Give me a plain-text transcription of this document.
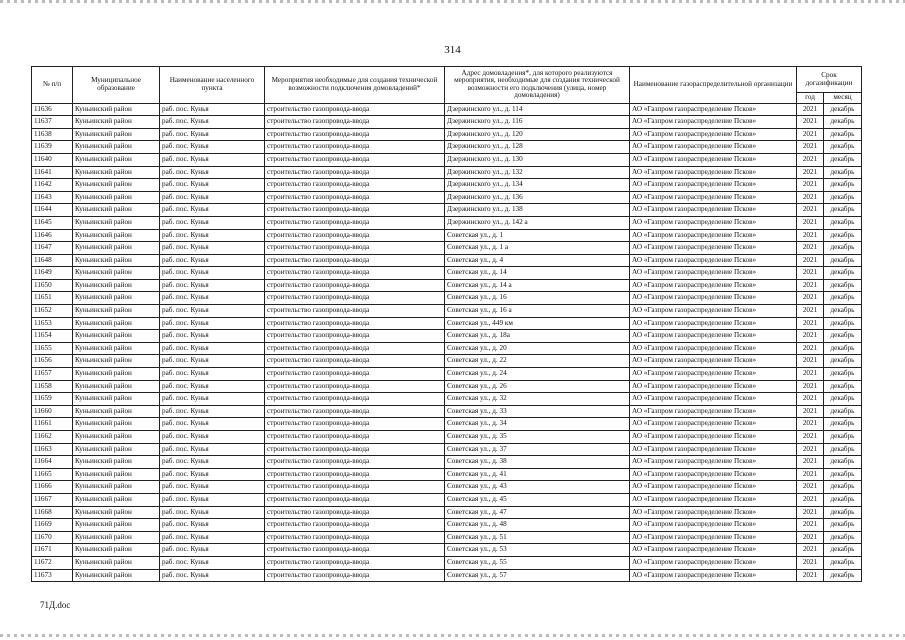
314
№ п/п	Муниципальное образование	Наименование населенного пункта	Мероприятия необходимые для создания технической возможности подключения домовладений*	Адрес домовладения*, для которого реализуются мероприятия, необходимые для создания технической возможности его подключения (улица, номер домовладения)	Наименование газораспределительной организации	Срок догазификации	
						год	месяц
11636	Куньинский район	раб. пос. Кунья	строительство газопровода-ввода	Дзержинского ул., д. 114	АО «Газпром газораспределение Псков»	2021	декабрь
11637	Куньинский район	раб. пос. Кунья	строительство газопровода-ввода	Дзержинского ул., д. 116	АО «Газпром газораспределение Псков»	2021	декабрь
11638	Куньинский район	раб. пос. Кунья	строительство газопровода-ввода	Дзержинского ул., д. 120	АО «Газпром газораспределение Псков»	2021	декабрь
11639	Куньинский район	раб. пос. Кунья	строительство газопровода-ввода	Дзержинского ул., д. 128	АО «Газпром газораспределение Псков»	2021	декабрь
11640	Куньинский район	раб. пос. Кунья	строительство газопровода-ввода	Дзержинского ул., д. 130	АО «Газпром газораспределение Псков»	2021	декабрь
11641	Куньинский район	раб. пос. Кунья	строительство газопровода-ввода	Дзержинского ул., д. 132	АО «Газпром газораспределение Псков»	2021	декабрь
11642	Куньинский район	раб. пос. Кунья	строительство газопровода-ввода	Дзержинского ул., д. 134	АО «Газпром газораспределение Псков»	2021	декабрь
11643	Куньинский район	раб. пос. Кунья	строительство газопровода-ввода	Дзержинского ул., д. 136	АО «Газпром газораспределение Псков»	2021	декабрь
11644	Куньинский район	раб. пос. Кунья	строительство газопровода-ввода	Дзержинского ул., д. 138	АО «Газпром газораспределение Псков»	2021	декабрь
11645	Куньинский район	раб. пос. Кунья	строительство газопровода-ввода	Дзержинского ул., д. 142 а	АО «Газпром газораспределение Псков»	2021	декабрь
11646	Куньинский район	раб. пос. Кунья	строительство газопровода-ввода	Советская ул., д. 1	АО «Газпром газораспределение Псков»	2021	декабрь
11647	Куньинский район	раб. пос. Кунья	строительство газопровода-ввода	Советская ул., д. 1 а	АО «Газпром газораспределение Псков»	2021	декабрь
11648	Куньинский район	раб. пос. Кунья	строительство газопровода-ввода	Советская ул., д. 4	АО «Газпром газораспределение Псков»	2021	декабрь
11649	Куньинский район	раб. пос. Кунья	строительство газопровода-ввода	Советская ул., д. 14	АО «Газпром газораспределение Псков»	2021	декабрь
11650	Куньинский район	раб. пос. Кунья	строительство газопровода-ввода	Советская ул., д. 14 а	АО «Газпром газораспределение Псков»	2021	декабрь
11651	Куньинский район	раб. пос. Кунья	строительство газопровода-ввода	Советская ул., д. 16	АО «Газпром газораспределение Псков»	2021	декабрь
11652	Куньинский район	раб. пос. Кунья	строительство газопровода-ввода	Советская ул., д. 16 а	АО «Газпром газораспределение Псков»	2021	декабрь
11653	Куньинский район	раб. пос. Кунья	строительство газопровода-ввода	Советская ул., 449 км	АО «Газпром газораспределение Псков»	2021	декабрь
11654	Куньинский район	раб. пос. Кунья	строительство газопровода-ввода	Советская ул., д. 18а	АО «Газпром газораспределение Псков»	2021	декабрь
11655	Куньинский район	раб. пос. Кунья	строительство газопровода-ввода	Советская ул., д. 20	АО «Газпром газораспределение Псков»	2021	декабрь
11656	Куньинский район	раб. пос. Кунья	строительство газопровода-ввода	Советская ул., д. 22	АО «Газпром газораспределение Псков»	2021	декабрь
11657	Куньинский район	раб. пос. Кунья	строительство газопровода-ввода	Советская ул., д. 24	АО «Газпром газораспределение Псков»	2021	декабрь
11658	Куньинский район	раб. пос. Кунья	строительство газопровода-ввода	Советская ул., д. 26	АО «Газпром газораспределение Псков»	2021	декабрь
11659	Куньинский район	раб. пос. Кунья	строительство газопровода-ввода	Советская ул., д. 32	АО «Газпром газораспределение Псков»	2021	декабрь
11660	Куньинский район	раб. пос. Кунья	строительство газопровода-ввода	Советская ул., д. 33	АО «Газпром газораспределение Псков»	2021	декабрь
11661	Куньинский район	раб. пос. Кунья	строительство газопровода-ввода	Советская ул., д. 34	АО «Газпром газораспределение Псков»	2021	декабрь
11662	Куньинский район	раб. пос. Кунья	строительство газопровода-ввода	Советская ул., д. 35	АО «Газпром газораспределение Псков»	2021	декабрь
11663	Куньинский район	раб. пос. Кунья	строительство газопровода-ввода	Советская ул., д. 37	АО «Газпром газораспределение Псков»	2021	декабрь
11664	Куньинский район	раб. пос. Кунья	строительство газопровода-ввода	Советская ул., д. 38	АО «Газпром газораспределение Псков»	2021	декабрь
11665	Куньинский район	раб. пос. Кунья	строительство газопровода-ввода	Советская ул., д. 41	АО «Газпром газораспределение Псков»	2021	декабрь
11666	Куньинский район	раб. пос. Кунья	строительство газопровода-ввода	Советская ул., д. 43	АО «Газпром газораспределение Псков»	2021	декабрь
11667	Куньинский район	раб. пос. Кунья	строительство газопровода-ввода	Советская ул., д. 45	АО «Газпром газораспределение Псков»	2021	декабрь
11668	Куньинский район	раб. пос. Кунья	строительство газопровода-ввода	Советская ул., д. 47	АО «Газпром газораспределение Псков»	2021	декабрь
11669	Куньинский район	раб. пос. Кунья	строительство газопровода-ввода	Советская ул., д. 48	АО «Газпром газораспределение Псков»	2021	декабрь
11670	Куньинский район	раб. пос. Кунья	строительство газопровода-ввода	Советская ул., д. 51	АО «Газпром газораспределение Псков»	2021	декабрь
11671	Куньинский район	раб. пос. Кунья	строительство газопровода-ввода	Советская ул., д. 53	АО «Газпром газораспределение Псков»	2021	декабрь
11672	Куньинский район	раб. пос. Кунья	строительство газопровода-ввода	Советская ул., д. 55	АО «Газпром газораспределение Псков»	2021	декабрь
11673	Куньинский район	раб. пос. Кунья	строительство газопровода-ввода	Советская ул., д. 57	АО «Газпром газораспределение Псков»	2021	декабрь
71Д.doc
